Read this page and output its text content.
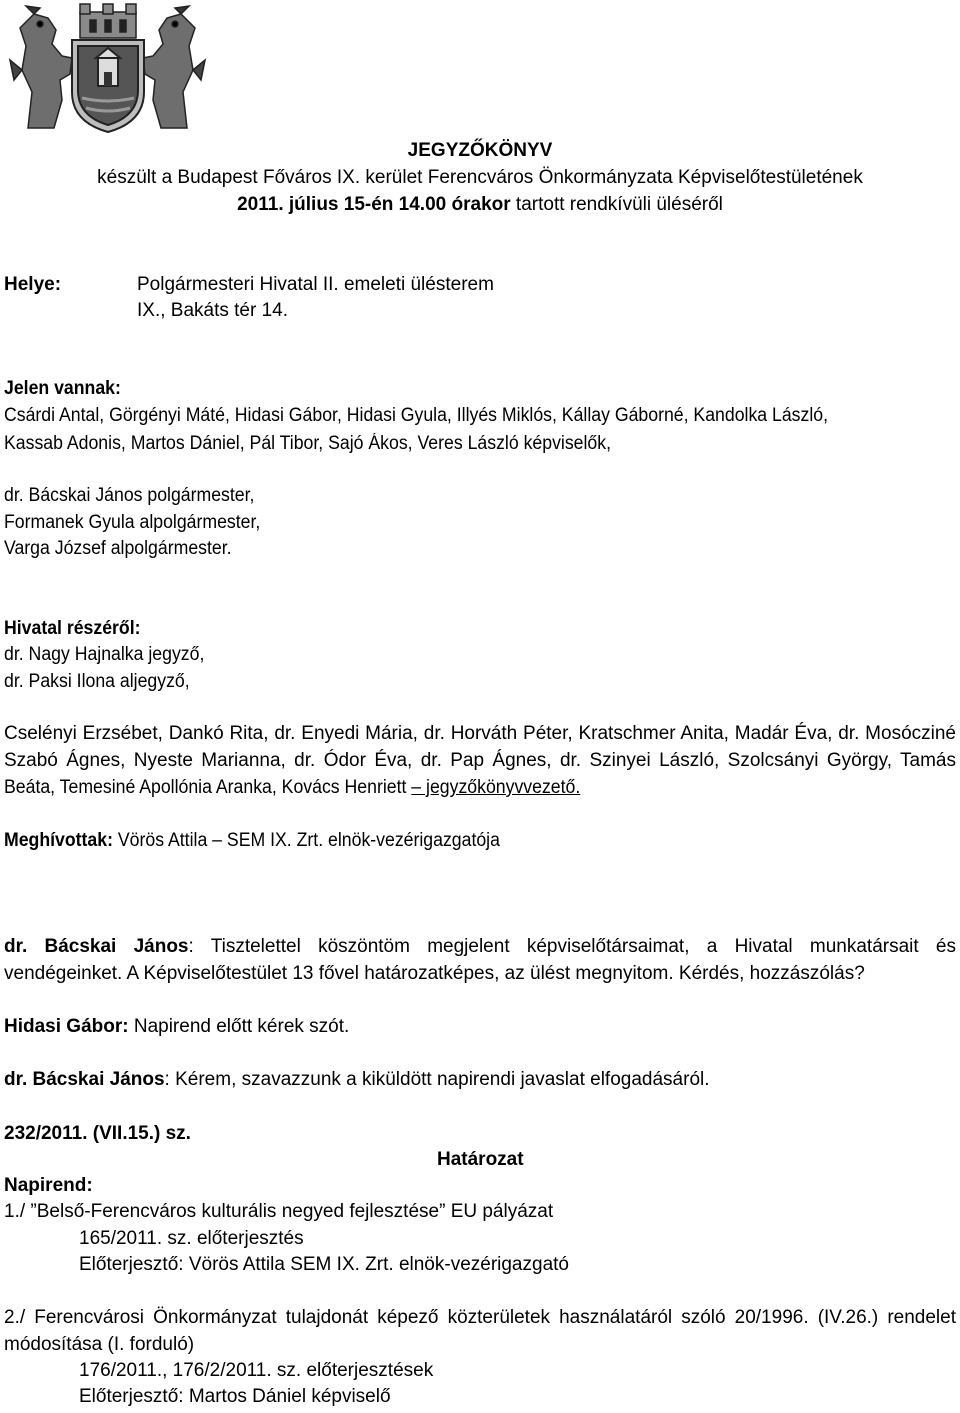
JEGYZŐKÖNYV
készült a Budapest Főváros IX. kerület Ferencváros Önkormányzata Képviselőtestületének
2011. július 15-én 14.00 órakor tartott rendkívüli üléséről
Helye:	Polgármesteri Hivatal II. emeleti ülésterem
IX., Bakáts tér 14.
Jelen vannak:
Csárdi Antal, Görgényi Máté, Hidasi Gábor, Hidasi Gyula, Illyés Miklós, Kállay Gáborné, Kandolka László,
Kassab Adonis, Martos Dániel, Pál Tibor, Sajó Ákos, Veres László képviselők,
dr. Bácskai János polgármester,
Formanek Gyula alpolgármester,
Varga József alpolgármester.
Hivatal részéről:
dr. Nagy Hajnalka jegyző,
dr. Paksi Ilona aljegyző,
Cselényi Erzsébet, Dankó Rita, dr. Enyedi Mária, dr. Horváth Péter, Kratschmer Anita, Madár Éva, dr. Mosócziné
Szabó Ágnes, Nyeste Marianna, dr. Ódor Éva, dr. Pap Ágnes, dr. Szinyei László, Szolcsányi György, Tamás
Beáta, Temesiné Apollónia Aranka, Kovács Henriett – jegyzőkönyvvezető.
Meghívottak: Vörös Attila – SEM IX. Zrt. elnök-vezérigazgatója
dr. Bácskai János: Tisztelettel köszöntöm megjelent képviselőtársaimat, a Hivatal munkatársait és
vendégeinket. A Képviselőtestület 13 fővel határozatképes, az ülést megnyitom. Kérdés, hozzászólás?
Hidasi Gábor: Napirend előtt kérek szót.
dr. Bácskai János: Kérem, szavazzunk a kiküldött napirendi javaslat elfogadásáról.
232/2011. (VII.15.) sz.
Határozat
Napirend:
1./ ”Belső-Ferencváros kulturális negyed fejlesztése” EU pályázat
165/2011. sz. előterjesztés
Előterjesztő: Vörös Attila SEM IX. Zrt. elnök-vezérigazgató
2./ Ferencvárosi Önkormányzat tulajdonát képező közterületek használatáról szóló 20/1996. (IV.26.) rendelet
módosítása (I. forduló)
176/2011., 176/2/2011. sz. előterjesztések
Előterjesztő: Martos Dániel képviselő
